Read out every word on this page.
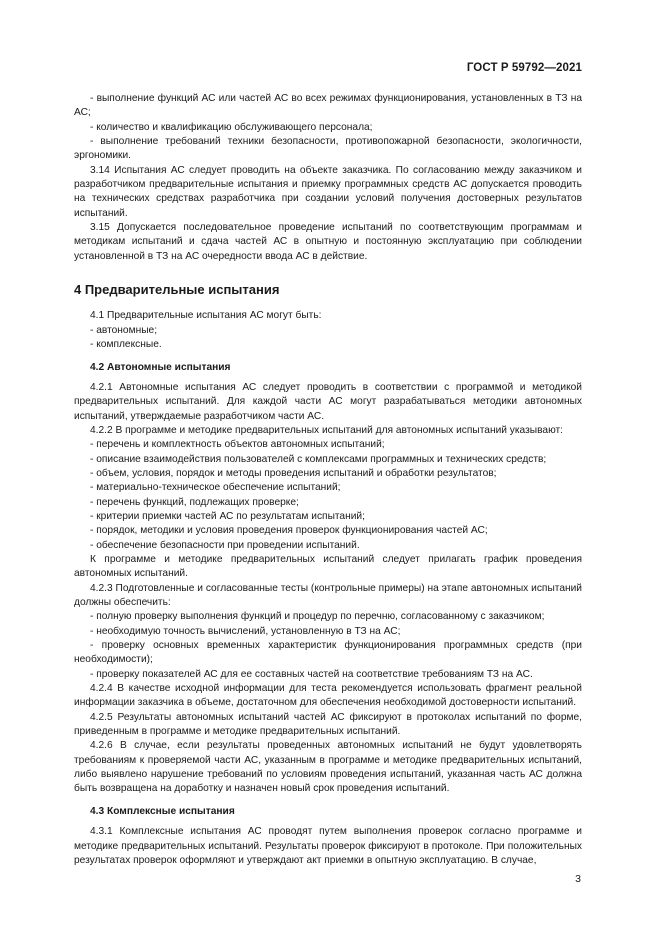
ГОСТ Р 59792—2021

- выполнение функций АС или частей АС во всех режимах функционирования, установленных в ТЗ на АС;

- количество и квалификацию обслуживающего персонала;

- выполнение требований техники безопасности, противопожарной безопасности, экологичности, эргономики.

3.14 Испытания АС следует проводить на объекте заказчика. По согласованию между заказчиком и разработчиком предварительные испытания и приемку программных средств АС допускается проводить на технических средствах разработчика при создании условий получения достоверных результатов испытаний.

3.15 Допускается последовательное проведение испытаний по соответствующим программам и методикам испытаний и сдача частей АС в опытную и постоянную эксплуатацию при соблюдении установленной в ТЗ на АС очередности ввода АС в действие.

4 Предварительные испытания

4.1 Предварительные испытания АС могут быть:

- автономные;

- комплексные.

4.2 Автономные испытания

4.2.1 Автономные испытания АС следует проводить в соответствии с программой и методикой предварительных испытаний. Для каждой части АС могут разрабатываться методики автономных испытаний, утверждаемые разработчиком части АС.

4.2.2 В программе и методике предварительных испытаний для автономных испытаний указывают:

- перечень и комплектность объектов автономных испытаний;

- описание взаимодействия пользователей с комплексами программных и технических средств;

- объем, условия, порядок и методы проведения испытаний и обработки результатов;

- материально-техническое обеспечение испытаний;

- перечень функций, подлежащих проверке;

- критерии приемки частей АС по результатам испытаний;

- порядок, методики и условия проведения проверок функционирования частей АС;

- обеспечение безопасности при проведении испытаний.

К программе и методике предварительных испытаний следует прилагать график проведения автономных испытаний.

4.2.3 Подготовленные и согласованные тесты (контрольные примеры) на этапе автономных испытаний должны обеспечить:

- полную проверку выполнения функций и процедур по перечню, согласованному с заказчиком;

- необходимую точность вычислений, установленную в ТЗ на АС;

- проверку основных временных характеристик функционирования программных средств (при необходимости);

- проверку показателей АС для ее составных частей на соответствие требованиям ТЗ на АС.

4.2.4 В качестве исходной информации для теста рекомендуется использовать фрагмент реальной информации заказчика в объеме, достаточном для обеспечения необходимой достоверности испытаний.

4.2.5 Результаты автономных испытаний частей АС фиксируют в протоколах испытаний по форме, приведенным в программе и методике предварительных испытаний.

4.2.6 В случае, если результаты проведенных автономных испытаний не будут удовлетворять требованиям к проверяемой части АС, указанным в программе и методике предварительных испытаний, либо выявлено нарушение требований по условиям проведения испытаний, указанная часть АС должна быть возвращена на доработку и назначен новый срок проведения испытаний.

4.3 Комплексные испытания

4.3.1 Комплексные испытания АС проводят путем выполнения проверок согласно программе и методике предварительных испытаний. Результаты проверок фиксируют в протоколе. При положительных результатах проверок оформляют и утверждают акт приемки в опытную эксплуатацию. В случае,

3
